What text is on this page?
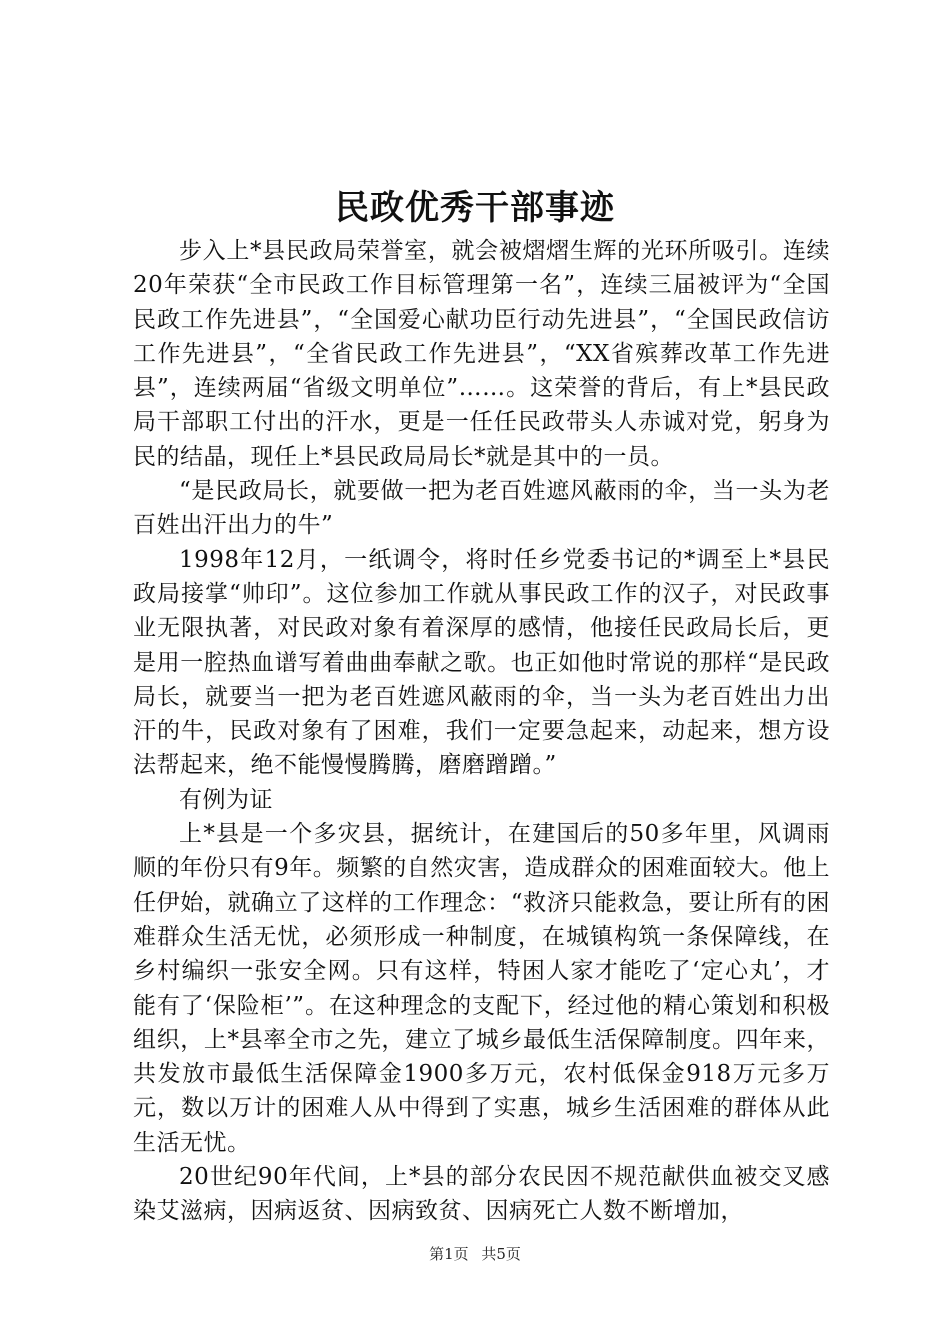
民政优秀干部事迹

步入上*县民政局荣誉室，就会被熠熠生辉的光环所吸引。连续20年荣获“全市民政工作目标管理第一名”，连续三届被评为“全国民政工作先进县”，“全国爱心献功臣行动先进县”，“全国民政信访工作先进县”，“全省民政工作先进县”，“XX省殡葬改革工作先进县”，连续两届“省级文明单位”……。这荣誉的背后，有上*县民政局干部职工付出的汗水，更是一任任民政带头人赤诚对党，躬身为民的结晶，现任上*县民政局局长*就是其中的一员。

“是民政局长，就要做一把为老百姓遮风蔽雨的伞，当一头为老百姓出汗出力的牛”

1998年12月，一纸调令，将时任乡党委书记的*调至上*县民政局接掌“帅印”。这位参加工作就从事民政工作的汉子，对民政事业无限执著，对民政对象有着深厚的感情，他接任民政局长后，更是用一腔热血谱写着曲曲奉献之歌。也正如他时常说的那样“是民政局长，就要当一把为老百姓遮风蔽雨的伞，当一头为老百姓出力出汗的牛，民政对象有了困难，我们一定要急起来，动起来，想方设法帮起来，绝不能慢慢腾腾，磨磨蹭蹭。”

有例为证

上*县是一个多灾县，据统计，在建国后的50多年里，风调雨顺的年份只有9年。频繁的自然灾害，造成群众的困难面较大。他上任伊始，就确立了这样的工作理念：“救济只能救急，要让所有的困难群众生活无忧，必须形成一种制度，在城镇构筑一条保障线，在乡村编织一张安全网。只有这样，特困人家才能吃了‘定心丸’，才能有了‘保险柜’”。在这种理念的支配下，经过他的精心策划和积极组织，上*县率全市之先，建立了城乡最低生活保障制度。四年来，共发放市最低生活保障金1900多万元，农村低保金918万元多万元，数以万计的困难人从中得到了实惠，城乡生活困难的群体从此生活无忧。

20世纪90年代间，上*县的部分农民因不规范献供血被交叉感染艾滋病，因病返贫、因病致贫、因病死亡人数不断增加，

第1页 共5页
